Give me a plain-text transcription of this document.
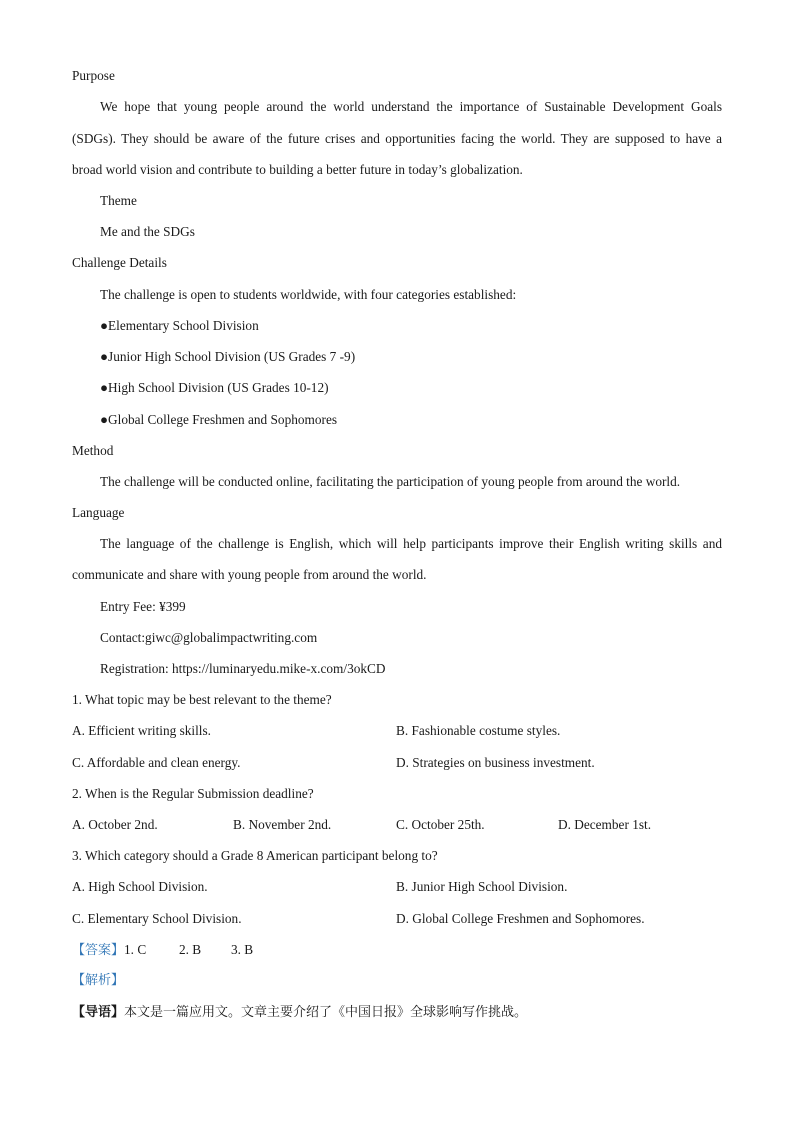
Purpose
We hope that young people around the world understand the importance of Sustainable Development Goals
(SDGs). They should be aware of the future crises and opportunities facing the world. They are supposed to have a
broad world vision and contribute to building a better future in today’s globalization.
Theme
Me and the SDGs
Challenge Details
The challenge is open to students worldwide, with four categories established:
●Elementary School Division
●Junior High School Division (US Grades 7 -9)
●High School Division (US Grades 10-12)
●Global College Freshmen and Sophomores
Method
The challenge will be conducted online, facilitating the participation of young people from around the world.
Language
The language of the challenge is English, which will help participants improve their English writing skills and
communicate and share with young people from around the world.
Entry Fee: ¥399
Contact:giwc@globalimpactwriting.com
Registration: https://luminaryedu.mike-x.com/3okCD
1. What topic may be best relevant to the theme?
A. Efficient writing skills.	B. Fashionable costume styles.
C. Affordable and clean energy.	D. Strategies on business investment.
2. When is the Regular Submission deadline?
A. October 2nd.	B. November 2nd.	C. October 25th.	D. December 1st.
3. Which category should a Grade 8 American participant belong to?
A. High School Division.	B. Junior High School Division.
C. Elementary School Division.	D. Global College Freshmen and Sophomores.
【答案】1. C 2. B 3. B
【解析】
【导语】本文是一篇应用文。文章主要介绍了《中国日报》全球影响写作挑战。
